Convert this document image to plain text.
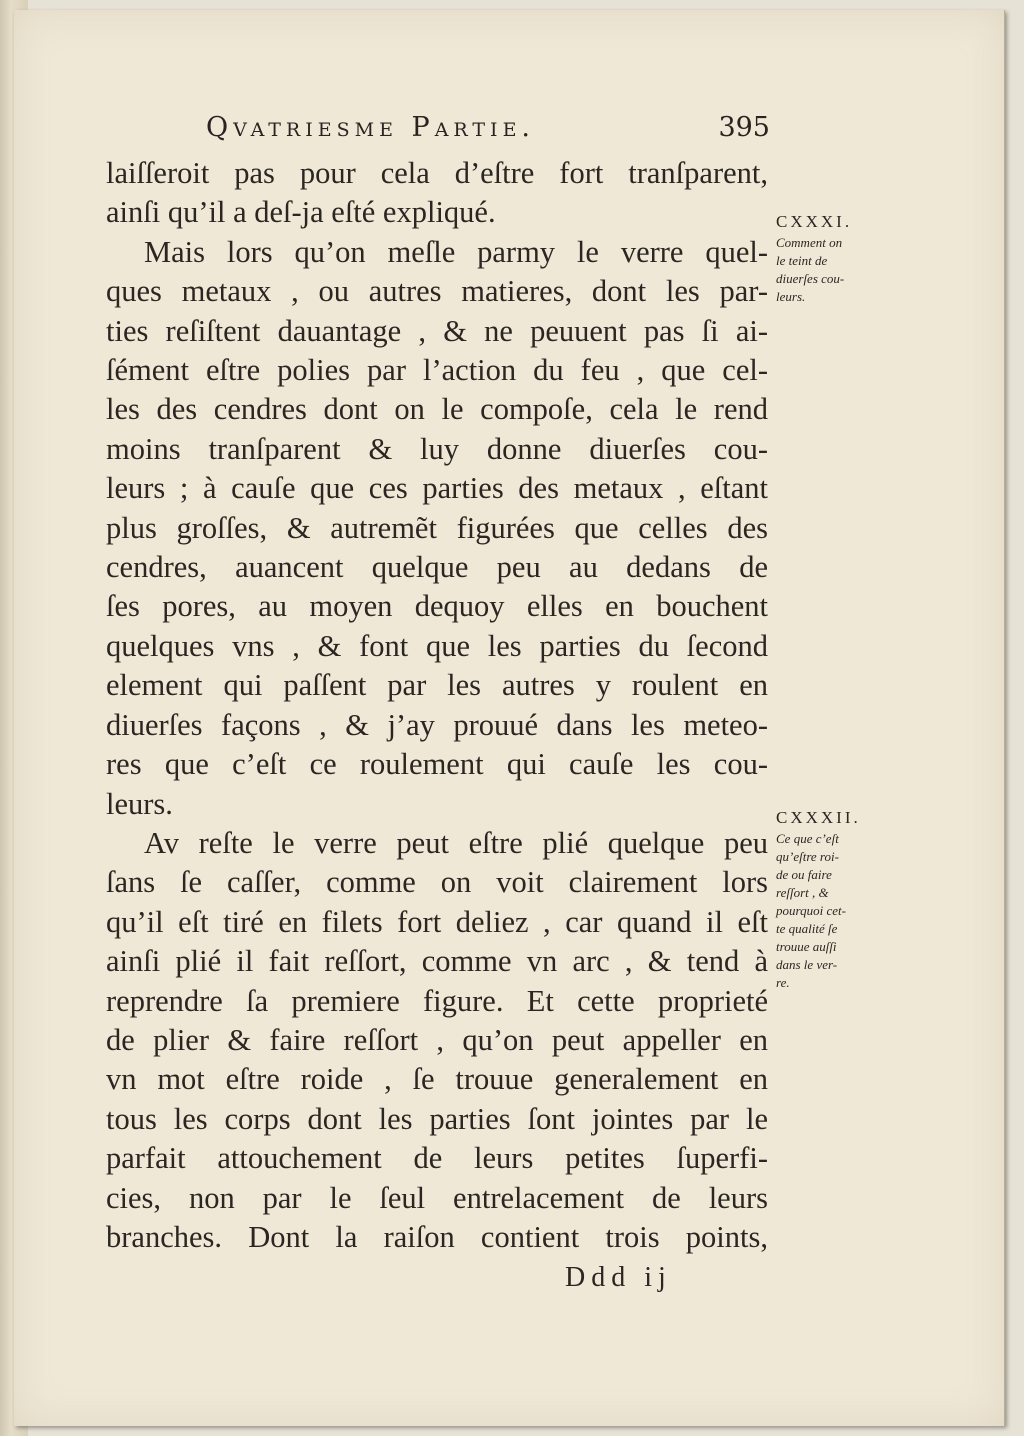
Qvatriesme Partie.	395
laiſſeroit pas pour cela d’eſtre fort tranſparent,
ainſi qu’il a deſ-ja eſté expliqué.
Mais lors qu’on meſle parmy le verre quel-
ques metaux , ou autres matieres, dont les par-
ties reſiſtent dauantage , & ne peuuent pas ſi ai-
ſément eſtre polies par l’action du feu , que cel-
les des cendres dont on le compoſe, cela le rend
moins tranſparent & luy donne diuerſes cou-
leurs ; à cauſe que ces parties des metaux , eſtant
plus groſſes, & autremẽt figurées que celles des
cendres, auancent quelque peu au dedans de
ſes pores, au moyen dequoy elles en bouchent
quelques vns , & font que les parties du ſecond
element qui paſſent par les autres y roulent en
diuerſes façons , & j’ay prouué dans les meteo-
res que c’eſt ce roulement qui cauſe les cou-
leurs.
Av reſte le verre peut eſtre plié quelque peu
ſans ſe caſſer, comme on voit clairement lors
qu’il eſt tiré en filets fort deliez , car quand il eſt
ainſi plié il fait reſſort, comme vn arc , & tend à
reprendre ſa premiere figure. Et cette proprieté
de plier & faire reſſort , qu’on peut appeller en
vn mot eſtre roide , ſe trouue generalement en
tous les corps dont les parties ſont jointes par le
parfait attouchement de leurs petites ſuperfi-
cies, non par le ſeul entrelacement de leurs
branches. Dont la raiſon contient trois points,
CXXXI.
Comment on
le teint de
diuerſes cou-
leurs.
CXXXII.
Ce que c’eſt
qu’eſtre roi-
de ou faire
reſſort , &
pourquoi cet-
te qualité ſe
trouue auſſi
dans le ver-
re.
Ddd ij
